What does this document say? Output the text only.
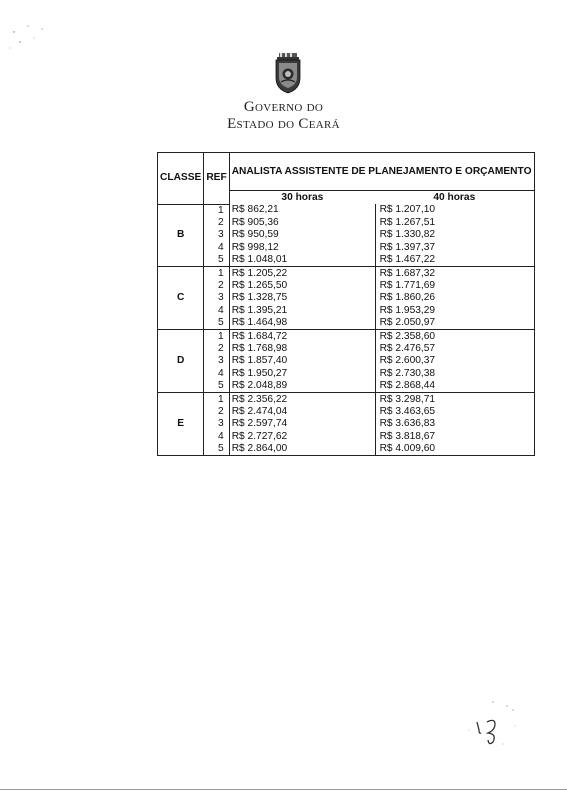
Governo do
Estado do Ceará
CLASSE	REF	ANALISTA ASSISTENTE DE PLANEJAMENTO E ORÇAMENTO	
		30 horas	40 horas
B	1	R$ 862,21	R$ 1.207,10
	2	R$ 905,36	R$ 1.267,51
	3	R$ 950,59	R$ 1.330,82
	4	R$ 998,12	R$ 1.397,37
	5	R$ 1.048,01	R$ 1.467,22
C	1	R$ 1.205,22	R$ 1.687,32
	2	R$ 1.265,50	R$ 1.771,69
	3	R$ 1.328,75	R$ 1.860,26
	4	R$ 1.395,21	R$ 1.953,29
	5	R$ 1.464,98	R$ 2.050,97
D	1	R$ 1.684,72	R$ 2.358,60
	2	R$ 1.768,98	R$ 2.476,57
	3	R$ 1.857,40	R$ 2.600,37
	4	R$ 1.950,27	R$ 2.730,38
	5	R$ 2.048,89	R$ 2.868,44
E	1	R$ 2.356,22	R$ 3.298,71
	2	R$ 2.474,04	R$ 3.463,65
	3	R$ 2.597,74	R$ 3.636,83
	4	R$ 2.727,62	R$ 3.818,67
	5	R$ 2.864,00	R$ 4.009,60
